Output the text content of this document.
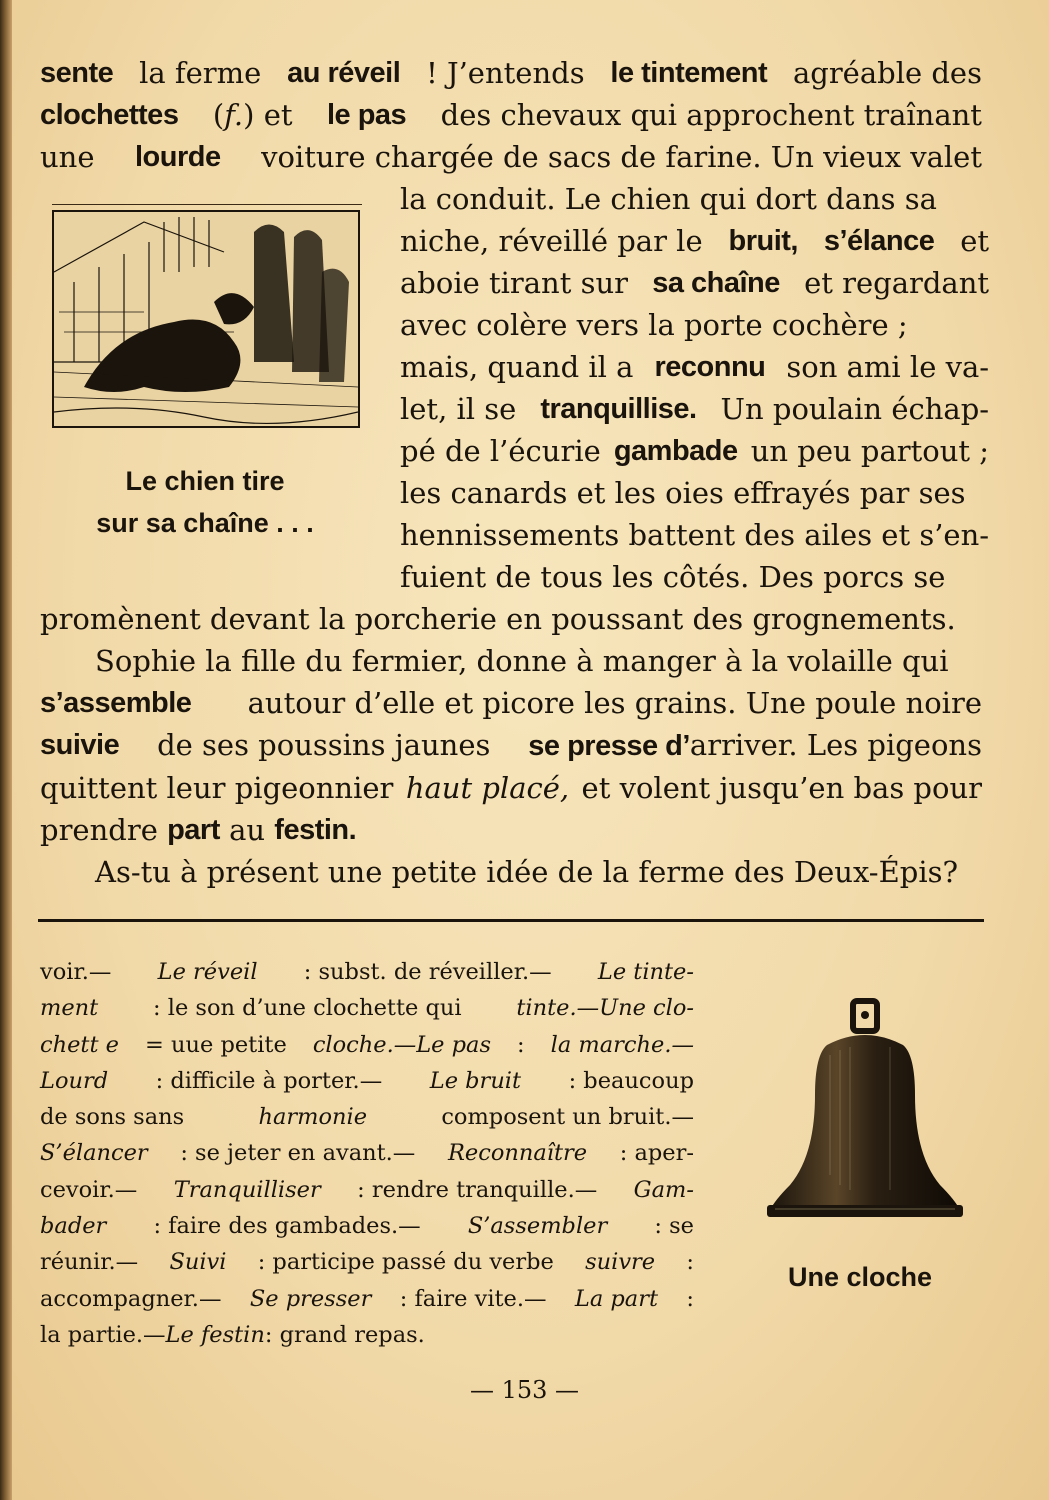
sente la ferme au réveil ! J’entends le tintement agréable des
clochettes (f.) et le pas des chevaux qui approchent traînant
une lourde voiture chargée de sacs de farine. Un vieux valet
Le chien tire
sur sa chaîne . . .
la conduit. Le chien qui dort dans sa
niche, réveillé par le bruit, s’élance et
aboie tirant sur sa chaîne et regardant
avec colère vers la porte cochère ;
mais, quand il a reconnu son ami le va-
let, il se tranquillise. Un poulain échap-
pé de l’écurie gambade un peu partout ;
les canards et les oies effrayés par ses
hennissements battent des ailes et s’en-
fuient de tous les côtés. Des porcs se
promènent devant la porcherie en poussant des grognements.
Sophie la fille du fermier, donne à manger à la volaille qui
s’assemble autour d’elle et picore les grains. Une poule noire
suivie de ses poussins jaunes se presse d’arriver. Les pigeons
quittent leur pigeonnier haut placé, et volent jusqu’en bas pour
prendre
part
au
festin.
As-tu à présent une petite idée de la ferme des Deux-Épis?
voir.— Le réveil : subst. de réveiller.— Le tinte-
ment : le son d’une clochette qui tinte.—Une clo-
chett e = uue petite cloche.—Le pas : la marche.—
Lourd : difficile à porter.— Le bruit : beaucoup
de sons sans	harmonie	composent un bruit.—
S’élancer : se jeter en avant.— Reconnaître : aper-
cevoir.— Tranquilliser : rendre tranquille.— Gam-
bader : faire des gambades.— S’assembler : se
réunir.— Suivi : participe passé du verbe suivre :
accompagner.— Se presser : faire vite.— La part :
la partie.— Le festin : grand repas.
Une cloche
— 153 —
